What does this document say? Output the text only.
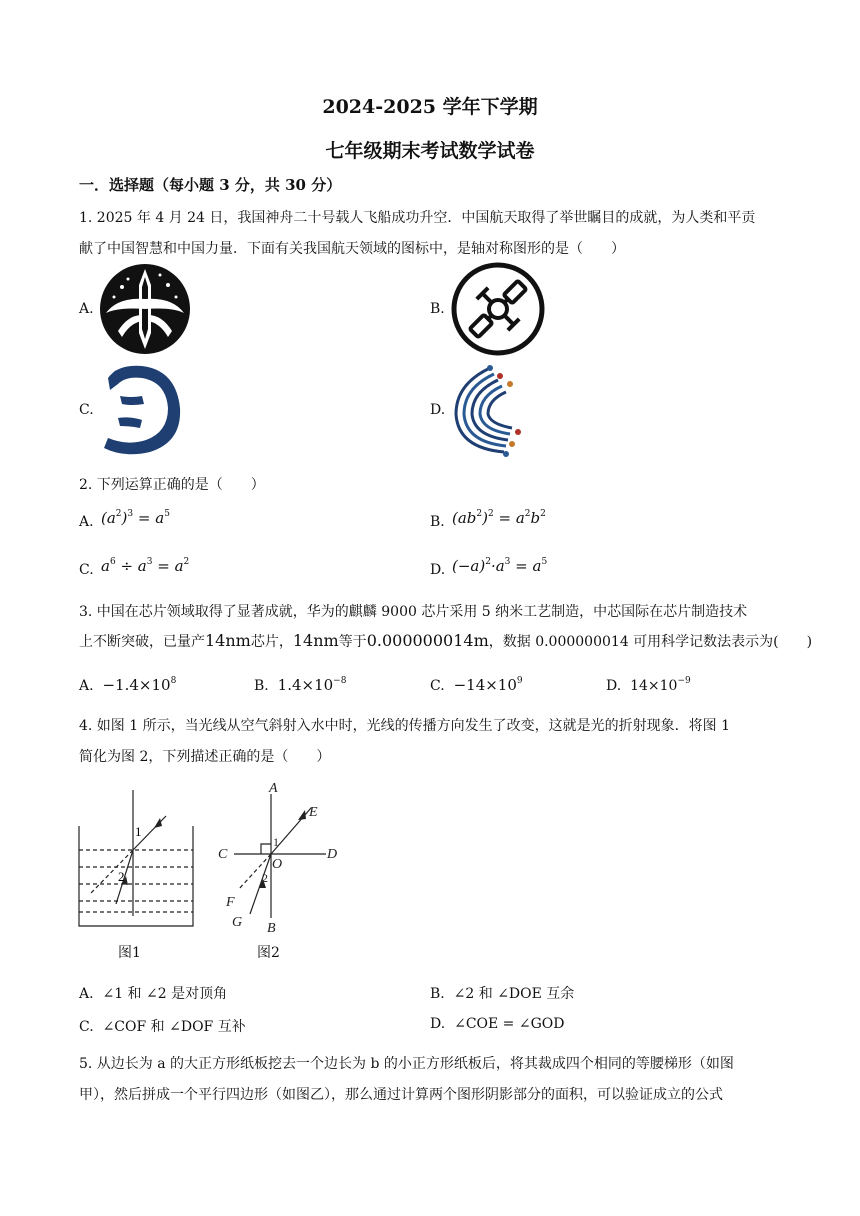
2024-2025 学年下学期
七年级期末考试数学试卷
一．选择题（每小题 3 分，共 30 分）
1. 2025 年 4 月 24 日，我国神舟二十号载人飞船成功升空．中国航天取得了举世瞩目的成就，为人类和平贡
献了中国智慧和中国力量．下面有关我国航天领域的图标中，是轴对称图形的是（　　）
A.	B.
C.	D.
2. 下列运算正确的是（　　）
A. $(a^2)^3 = a^5$	B. $(ab^2)^2 = a^2b^2$
C. $a^6 \div a^3 = a^2$	D. $(-a)^2\cdot a^3 = a^5$
3. 中国在芯片领域取得了显著成就，华为的麒麟 9000 芯片采用 5 纳米工艺制造，中芯国际在芯片制造技术
上不断突破，已量产14nm芯片，14nm等于0.000000014m，数据 0.000000014 可用科学记数法表示为(　　)
A. $-1.4\times 10^8$	B. $1.4\times 10^{-8}$	C. $-14\times 10^9$	D. $14\times 10^{-9}$
4. 如图 1 所示，当光线从空气斜射入水中时，光线的传播方向发生了改变，这就是光的折射现象．将图 1
简化为图 2，下列描述正确的是（　　）
1
2
图1
A
E
C	D
O
F
G B
1
2
图2
A. ∠1 和 ∠2 是对顶角	B. ∠2 和 ∠DOE 互余
C. ∠COF 和 ∠DOF 互补	D. ∠COE = ∠GOD
5. 从边长为 a 的大正方形纸板挖去一个边长为 b 的小正方形纸板后，将其裁成四个相同的等腰梯形（如图
甲），然后拼成一个平行四边形（如图乙），那么通过计算两个图形阴影部分的面积，可以验证成立的公式
